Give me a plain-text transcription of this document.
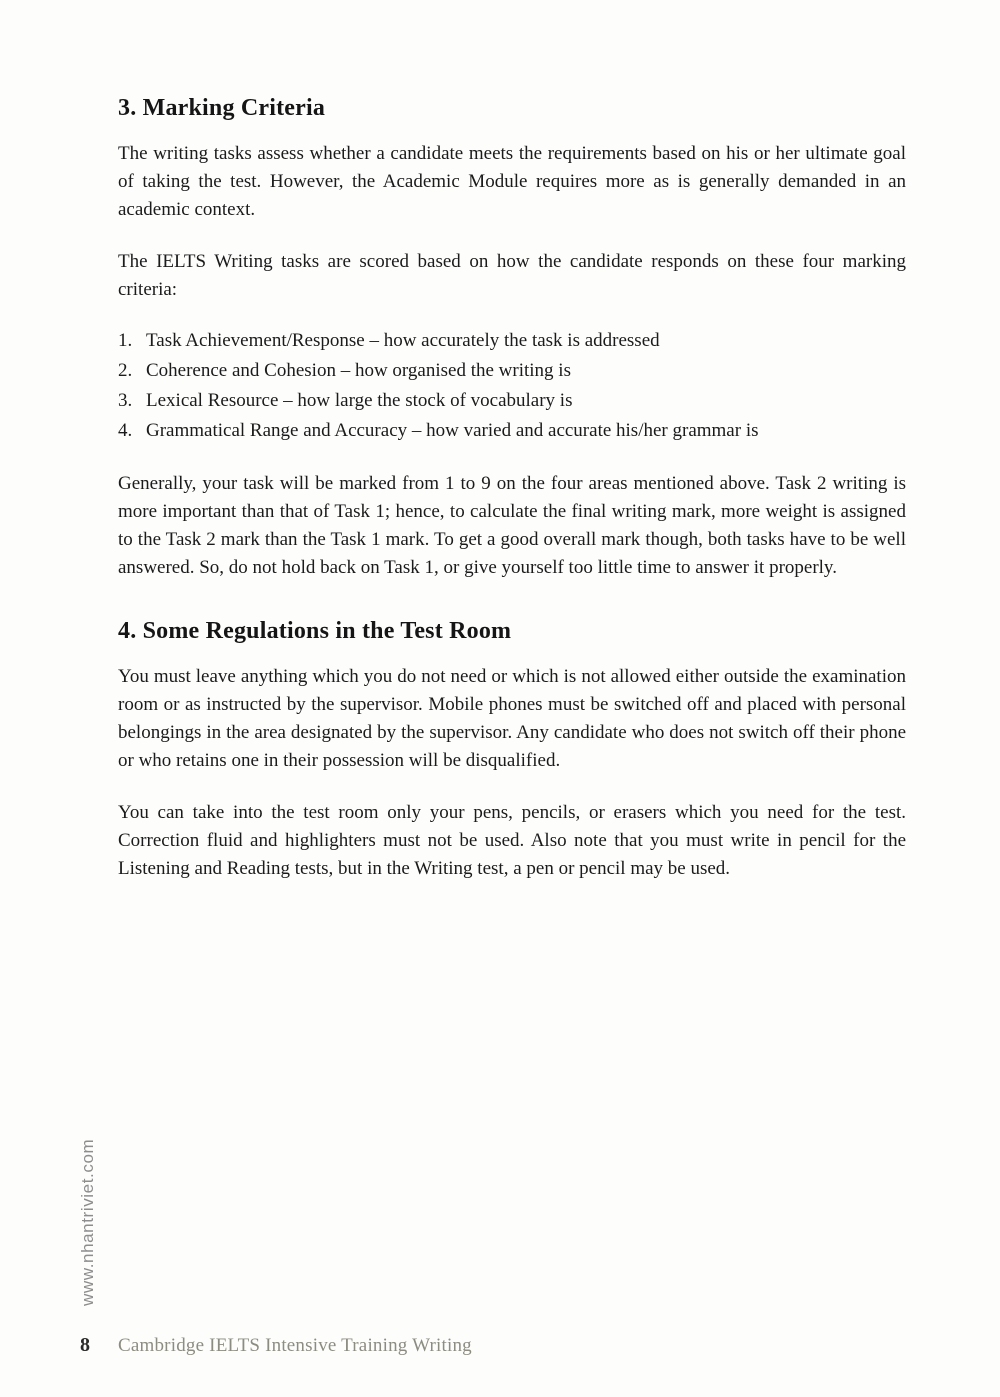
3. Marking Criteria

The writing tasks assess whether a candidate meets the requirements based on his or her ultimate goal of taking the test. However, the Academic Module requires more as is generally demanded in an academic context.

The IELTS Writing tasks are scored based on how the candidate responds on these four marking criteria:

1. Task Achievement/Response – how accurately the task is addressed
2. Coherence and Cohesion – how organised the writing is
3. Lexical Resource – how large the stock of vocabulary is
4. Grammatical Range and Accuracy – how varied and accurate his/her grammar is

Generally, your task will be marked from 1 to 9 on the four areas mentioned above. Task 2 writing is more important than that of Task 1; hence, to calculate the final writing mark, more weight is assigned to the Task 2 mark than the Task 1 mark. To get a good overall mark though, both tasks have to be well answered. So, do not hold back on Task 1, or give yourself too little time to answer it properly.

4. Some Regulations in the Test Room

You must leave anything which you do not need or which is not allowed either outside the examination room or as instructed by the supervisor. Mobile phones must be switched off and placed with personal belongings in the area designated by the supervisor. Any candidate who does not switch off their phone or who retains one in their possession will be disqualified.

You can take into the test room only your pens, pencils, or erasers which you need for the test. Correction fluid and highlighters must not be used. Also note that you must write in pencil for the Listening and Reading tests, but in the Writing test, a pen or pencil may be used.

www.nhantriviet.com
8	Cambridge IELTS Intensive Training Writing
